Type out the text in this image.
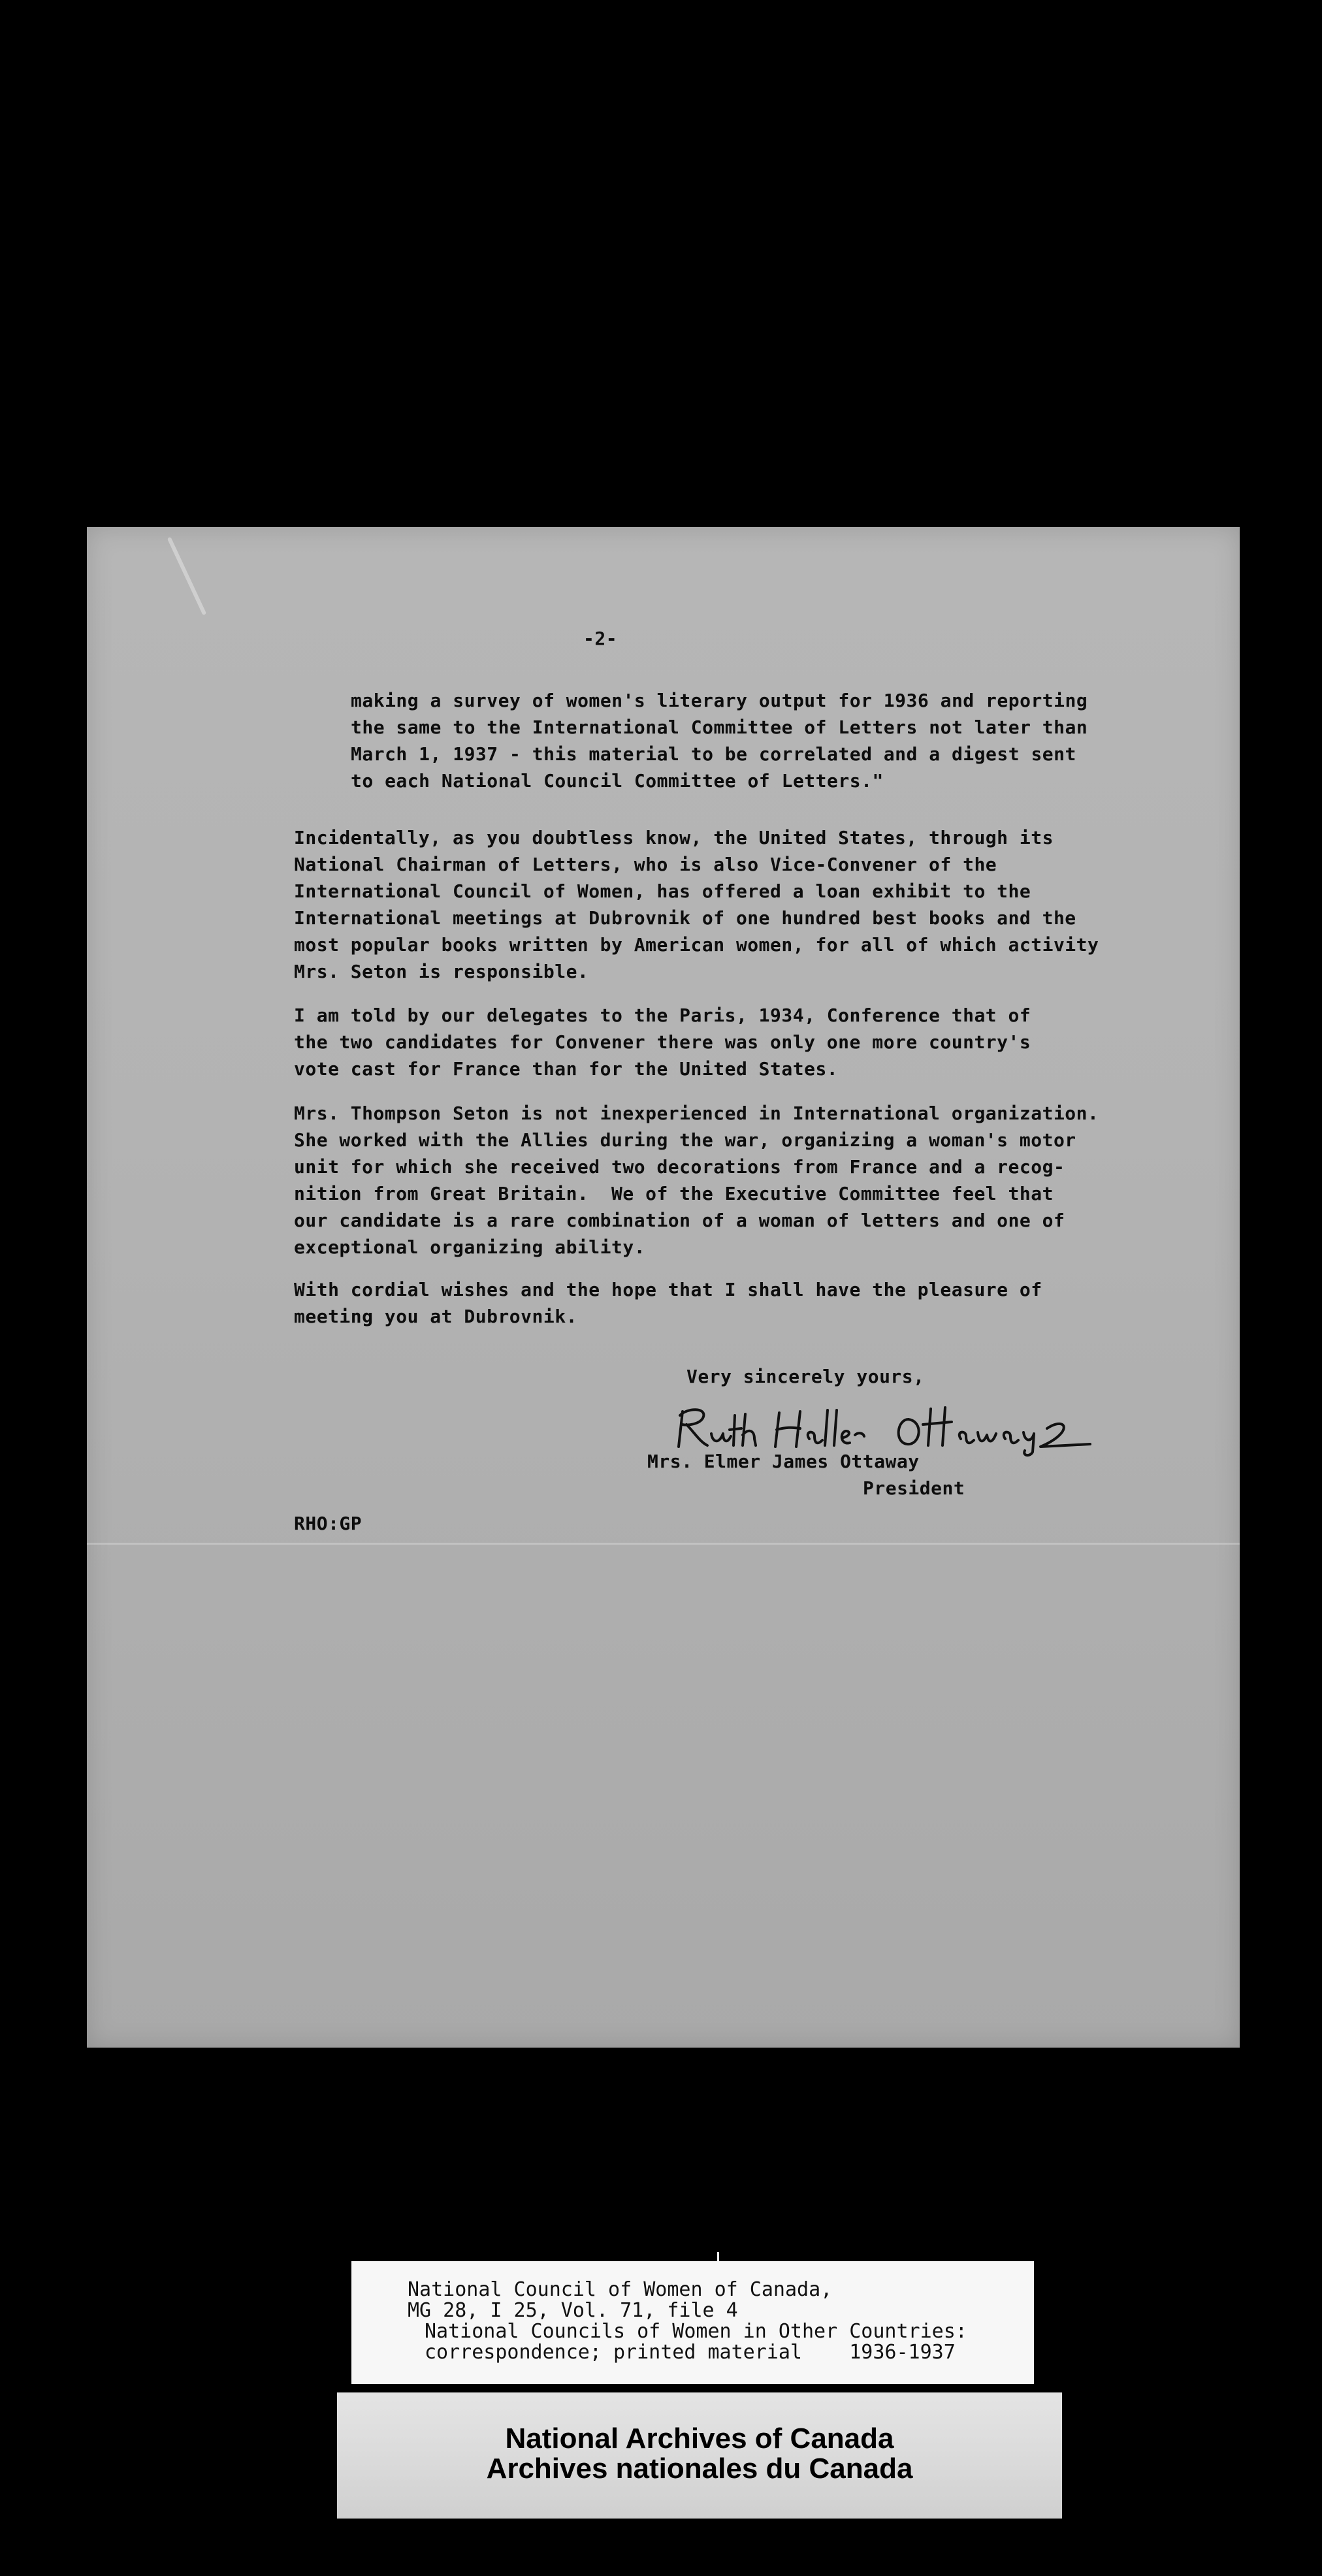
-2-

making a survey of women's literary output for 1936 and reporting
the same to the International Committee of Letters not later than
March 1, 1937 - this material to be correlated and a digest sent
to each National Council Committee of Letters."

Incidentally, as you doubtless know, the United States, through its
National Chairman of Letters, who is also Vice-Convener of the
International Council of Women, has offered a loan exhibit to the
International meetings at Dubrovnik of one hundred best books and the
most popular books written by American women, for all of which activity
Mrs. Seton is responsible.

I am told by our delegates to the Paris, 1934, Conference that of
the two candidates for Convener there was only one more country's
vote cast for France than for the United States.

Mrs. Thompson Seton is not inexperienced in International organization.
She worked with the Allies during the war, organizing a woman's motor
unit for which she received two decorations from France and a recog-
nition from Great Britain.  We of the Executive Committee feel that
our candidate is a rare combination of a woman of letters and one of
exceptional organizing ability.

With cordial wishes and the hope that I shall have the pleasure of
meeting you at Dubrovnik.

Very sincerely yours,

Mrs. Elmer James Ottaway

President

RHO:GP

National Council of Women of Canada,

MG 28, I 25, Vol. 71, file 4

National Councils of Women in Other Countries:

correspondence; printed material    1936-1937

National Archives of Canada

Archives nationales du Canada
